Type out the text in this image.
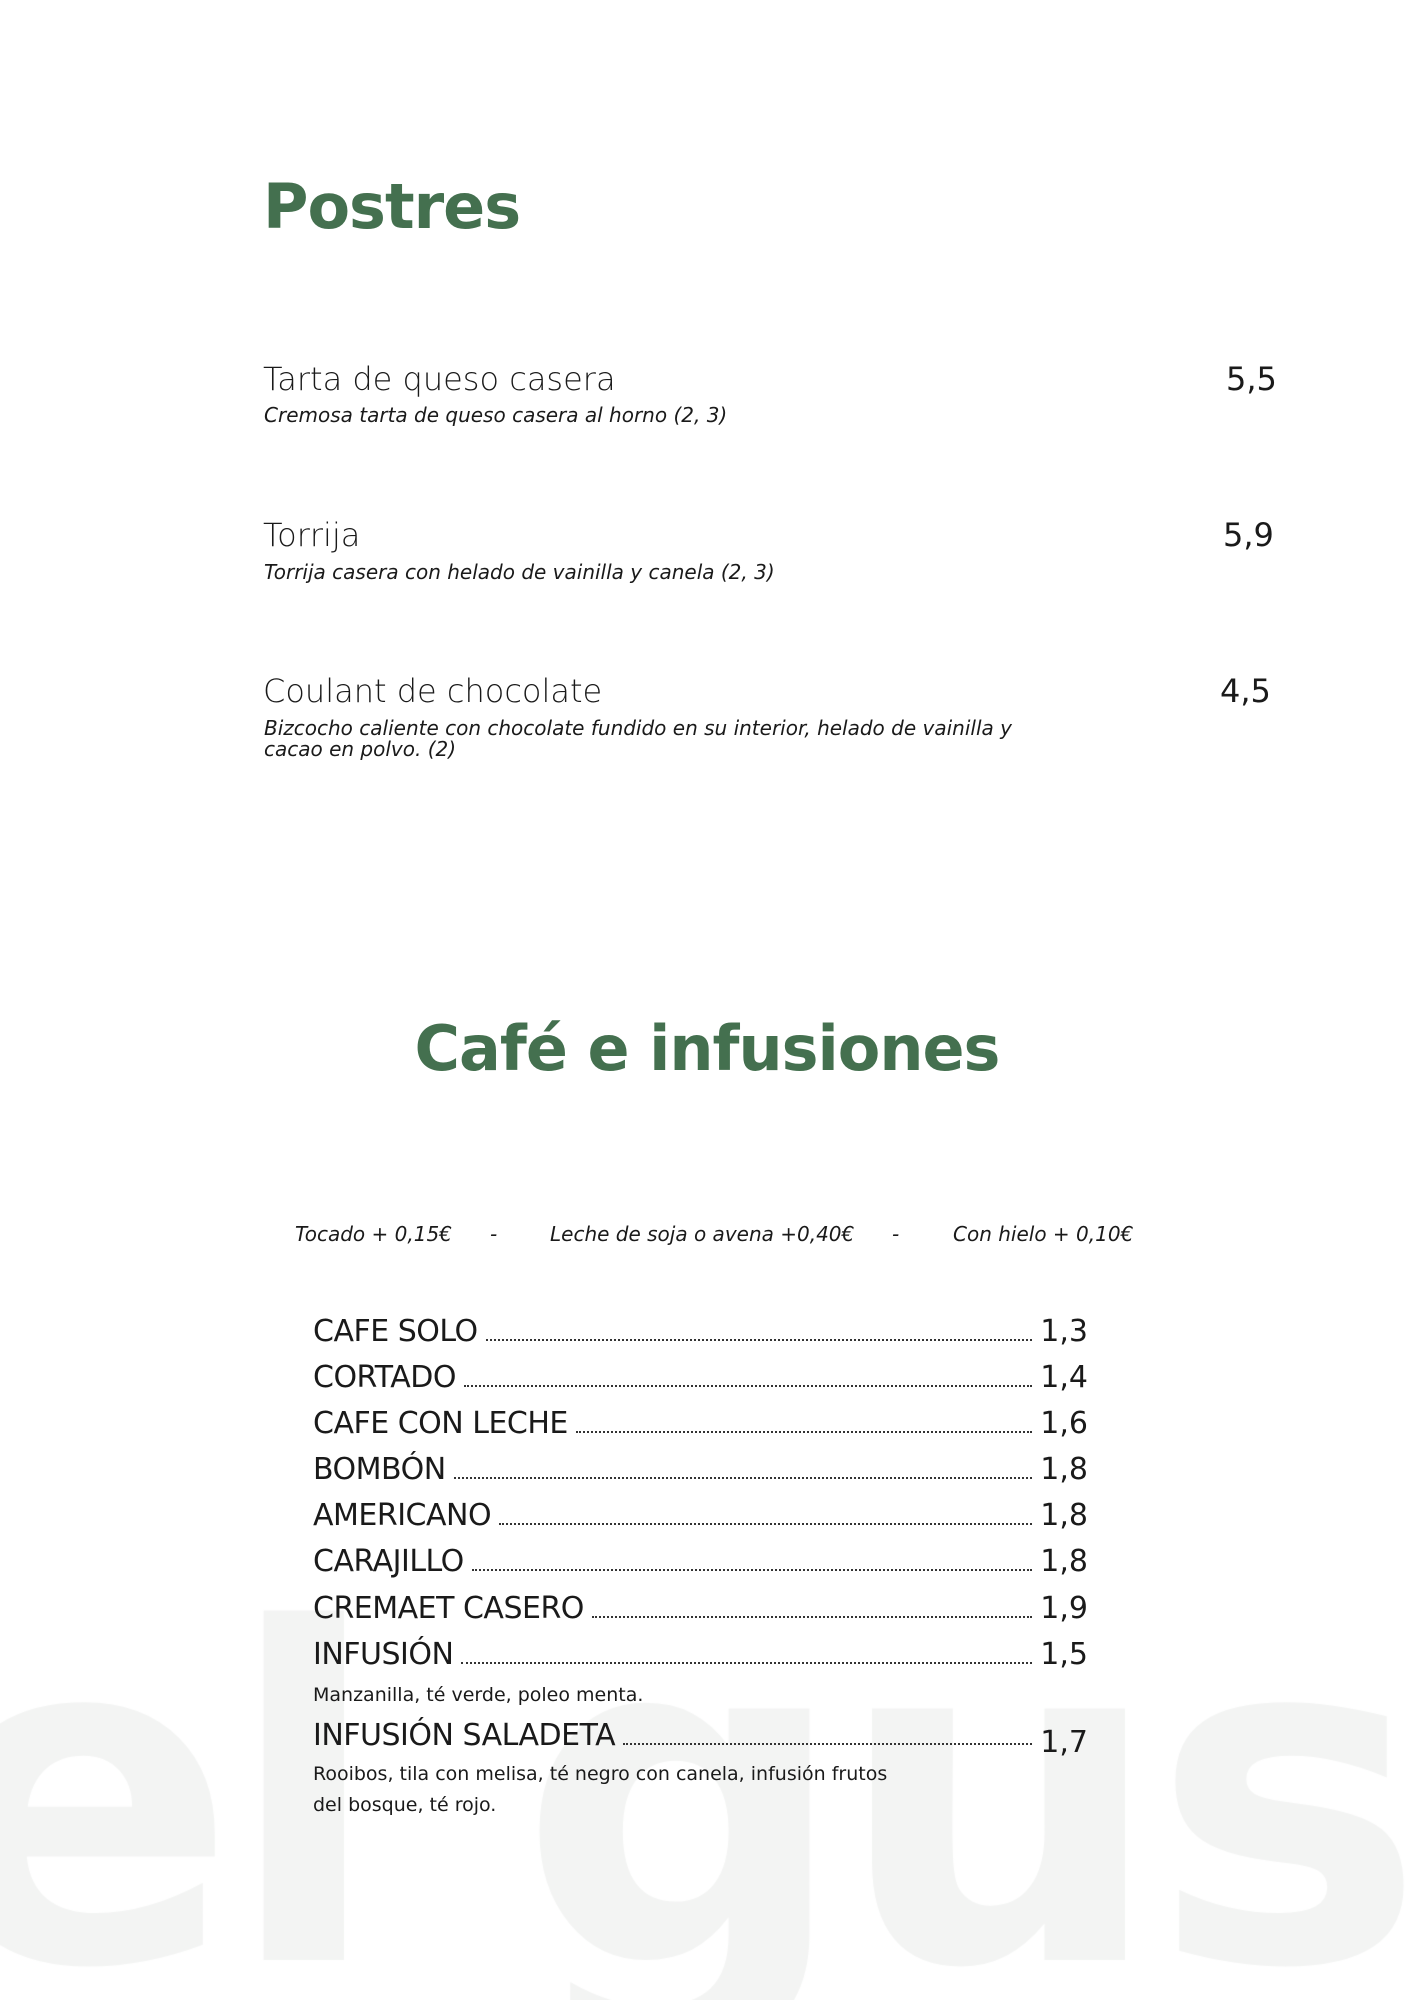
Postres
Tarta de queso casera
Cremosa tarta de queso casera al horno (2, 3)
5,5
Torrija
Torrija casera con helado de vainilla y canela (2, 3)
5,9
Coulant de chocolate
Bizcocho caliente con chocolate fundido en su interior, helado de vainilla y cacao en polvo. (2)
4,5
Café e infusiones
Tocado + 0,15€ -	Leche de soja o avena +0,40€ -	Con hielo + 0,10€
CAFE SOLO	1,3
CORTADO	1,4
CAFE CON LECHE	1,6
BOMBÓN	1,8
AMERICANO	1,8
CARAJILLO	1,8
CREMAET CASERO	1,9
INFUSIÓN	1,5
Manzanilla, té verde, poleo menta.
INFUSIÓN SALADETA	1,7
Rooibos, tila con melisa, té negro con canela, infusión frutos del bosque, té rojo.
